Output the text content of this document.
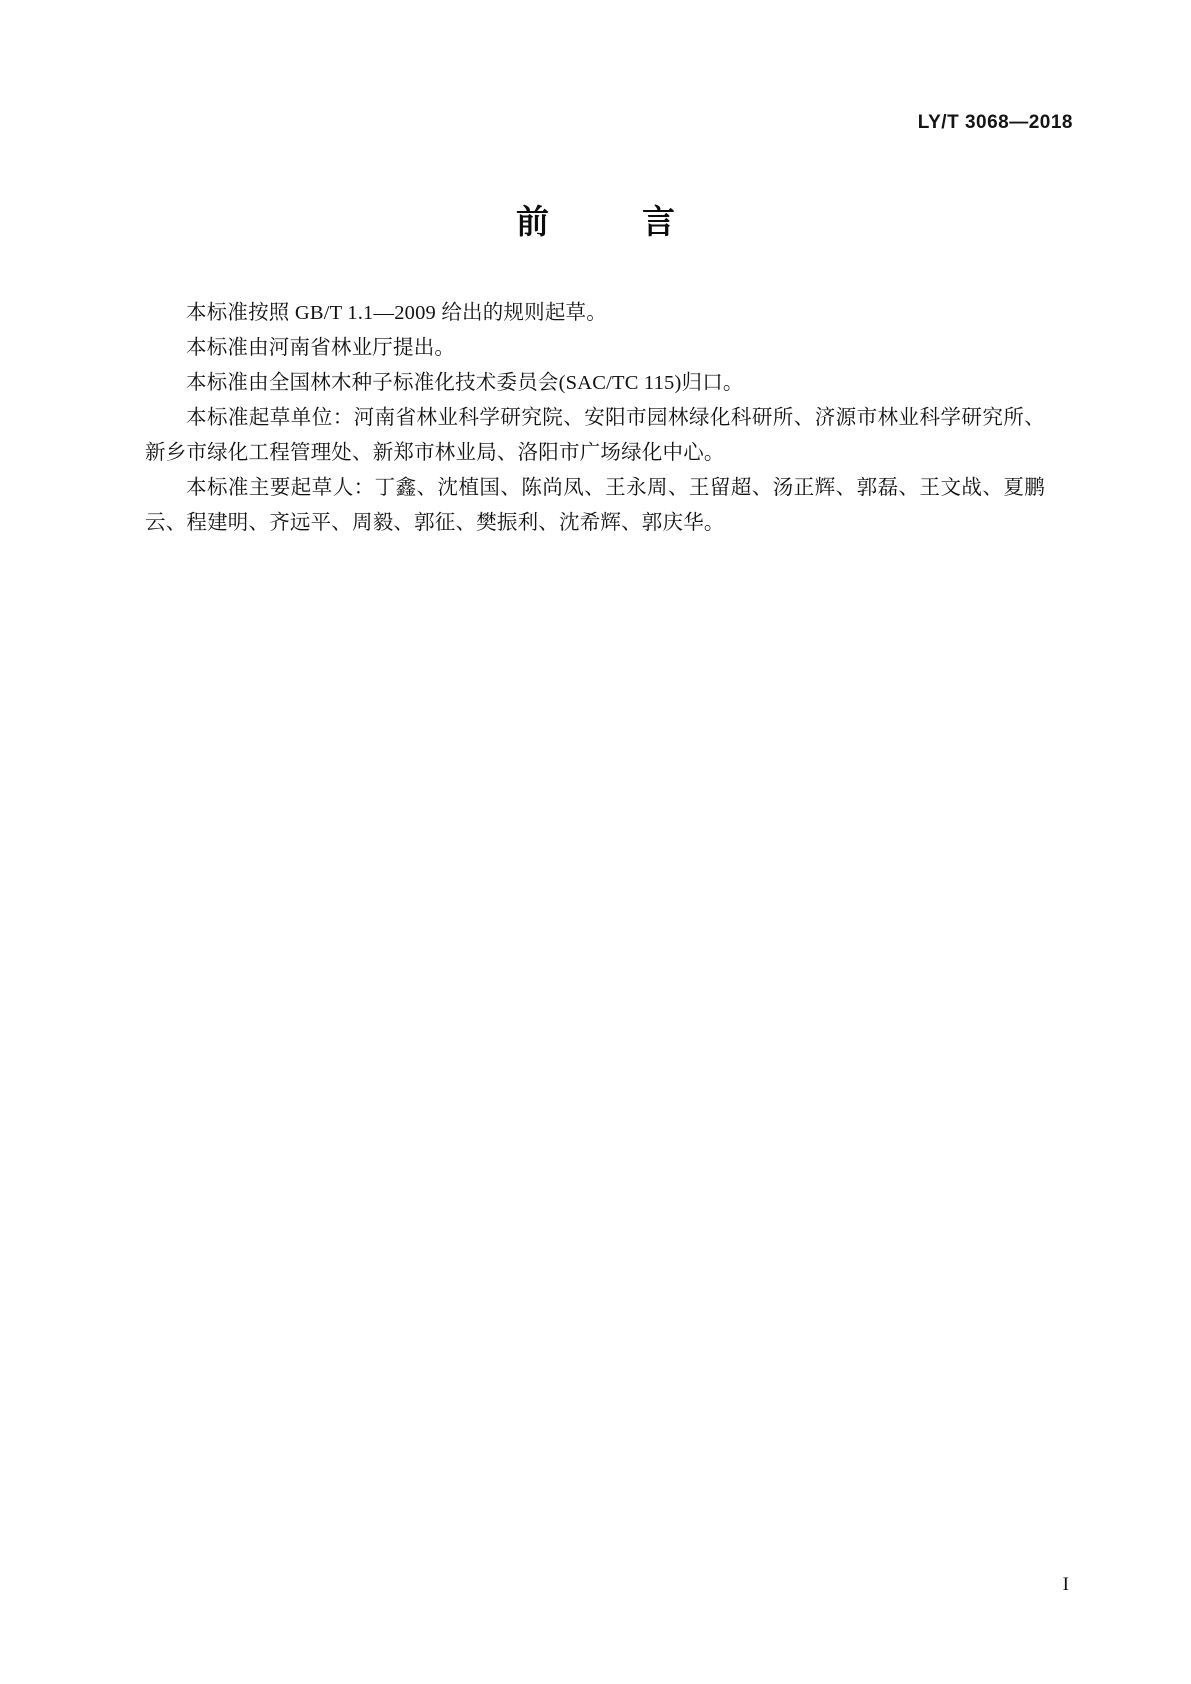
LY/T 3068—2018
前　言

本标准按照 GB/T 1.1—2009 给出的规则起草。

本标准由河南省林业厅提出。

本标准由全国林木种子标准化技术委员会(SAC/TC 115)归口。

本标准起草单位：河南省林业科学研究院、安阳市园林绿化科研所、济源市林业科学研究所、新乡市绿化工程管理处、新郑市林业局、洛阳市广场绿化中心。

本标准主要起草人：丁鑫、沈植国、陈尚凤、王永周、王留超、汤正辉、郭磊、王文战、夏鹏云、程建明、齐远平、周毅、郭征、樊振利、沈希辉、郭庆华。

I
